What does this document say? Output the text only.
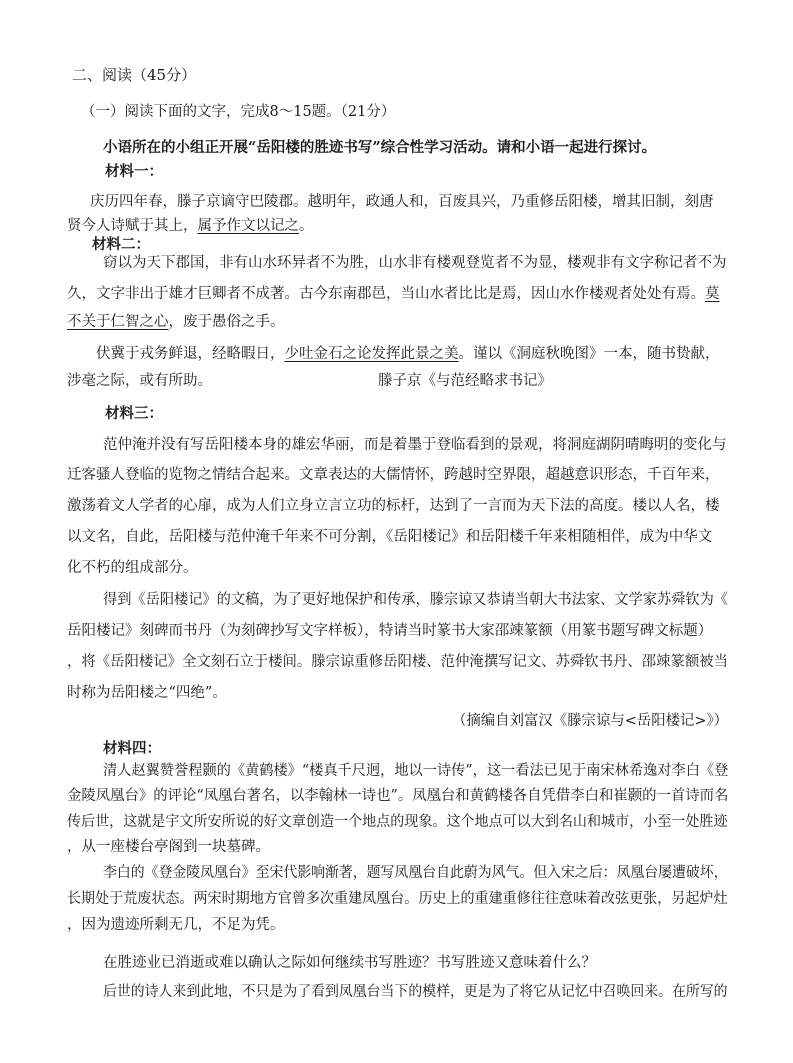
二、阅读（45分）
（一）阅读下面的文字，完成8～15题。（21分）
小语所在的小组正开展“岳阳楼的胜迹书写”综合性学习活动。请和小语一起进行探讨。
材料一：
庆历四年春，滕子京谪守巴陵郡。越明年，政通人和，百废具兴，乃重修岳阳楼，增其旧制，刻唐
贤今人诗赋于其上，属予作文以记之。
材料二：
窃以为天下郡国，非有山水环异者不为胜，山水非有楼观登览者不为显，楼观非有文字称记者不为
久，文字非出于雄才巨卿者不成著。古今东南郡邑，当山水者比比是焉，因山水作楼观者处处有焉。莫
不关于仁智之心，废于愚俗之手。
伏冀于戎务鲜退，经略暇日，少吐金石之论发挥此景之美。谨以《洞庭秋晚图》一本，随书贽献，
涉毫之际，或有所助。	滕子京《与范经略求书记》
材料三：
范仲淹并没有写岳阳楼本身的雄宏华丽，而是着墨于登临看到的景观，将洞庭湖阴晴晦明的变化与
迁客骚人登临的览物之情结合起来。文章表达的大儒情怀，跨越时空界限，超越意识形态，千百年来，
激荡着文人学者的心扉，成为人们立身立言立功的标杆，达到了一言而为天下法的高度。楼以人名，楼
以文名，自此，岳阳楼与范仲淹千年来不可分割，《岳阳楼记》和岳阳楼千年来相随相伴，成为中华文
化不朽的组成部分。
得到《岳阳楼记》的文稿，为了更好地保护和传承，滕宗谅又恭请当朝大书法家、文学家苏舜钦为《
岳阳楼记》刻碑而书丹（为刻碑抄写文字样板），特请当时篆书大家邵竦篆额（用篆书题写碑文标题）
，将《岳阳楼记》全文刻石立于楼间。滕宗谅重修岳阳楼、范仲淹撰写记文、苏舜钦书丹、邵竦篆额被当
时称为岳阳楼之“四绝”。
（摘编自刘富汉《滕宗谅与<岳阳楼记>》）
材料四：
清人赵翼赞誉程颢的《黄鹤楼》“楼真千尺迥，地以一诗传”，这一看法已见于南宋林希逸对李白《登
金陵凤凰台》的评论“凤凰台著名，以李翰林一诗也”。凤凰台和黄鹤楼各自凭借李白和崔颢的一首诗而名
传后世，这就是宇文所安所说的好文章创造一个地点的现象。这个地点可以大到名山和城市，小至一处胜迹
，从一座楼台亭阁到一块墓碑。
李白的《登金陵凤凰台》至宋代影响渐著，题写凤凰台自此蔚为风气。但入宋之后：凤凰台屡遭破坏，
长期处于荒废状态。两宋时期地方官曾多次重建凤凰台。历史上的重建重修往往意味着改弦更张，另起炉灶
，因为遗迹所剩无几，不足为凭。
在胜迹业已消逝或难以确认之际如何继续书写胜迹？书写胜迹又意味着什么？
后世的诗人来到此地，不只是为了看到凤凰台当下的模样，更是为了将它从记忆中召唤回来。在所写的
